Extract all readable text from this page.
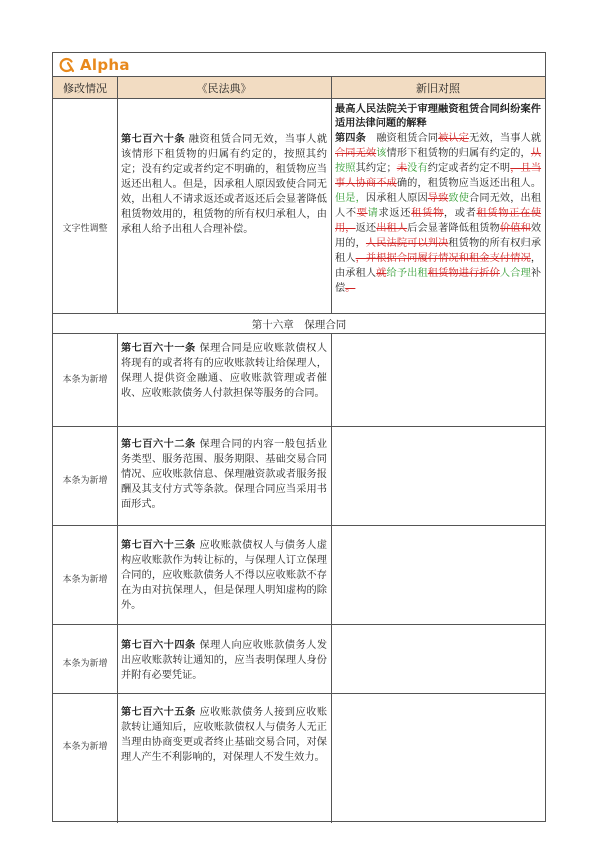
Alpha
修改情况	《民法典》	新旧对照
文字性调整
第七百六十条 融资租赁合同无效，当事人就该情形下租赁物的归属有约定的，按照其约定；没有约定或者约定不明确的，租赁物应当返还出租人。但是，因承租人原因致使合同无效，出租人不请求返还或者返还后会显著降低租赁物效用的，租赁物的所有权归承租人，由承租人给予出租人合理补偿。
最高人民法院关于审理融资租赁合同纠纷案件适用法律问题的解释
第四条　融资租赁合同被认定无效，当事人就合同无效该情形下租赁物的归属有约定的，从按照其约定；未没有约定或者约定不明，且当事人协商不成确的，租赁物应当返还出租人。但是，因承租人原因导致致使合同无效，出租人不要请求返还租赁物，或者租赁物正在使用，返还出租人后会显著降低租赁物价值和效用的，人民法院可以判决租赁物的所有权归承租人，并根据合同履行情况和租金支付情况，由承租人就给予出租租赁物进行折价人合理补偿。
第十六章　保理合同
本条为新增
第七百六十一条 保理合同是应收账款债权人将现有的或者将有的应收账款转让给保理人，保理人提供资金融通、应收账款管理或者催收、应收账款债务人付款担保等服务的合同。
本条为新增
第七百六十二条 保理合同的内容一般包括业务类型、服务范围、服务期限、基础交易合同情况、应收账款信息、保理融资款或者服务报酬及其支付方式等条款。保理合同应当采用书面形式。
本条为新增
第七百六十三条 应收账款债权人与债务人虚构应收账款作为转让标的，与保理人订立保理合同的，应收账款债务人不得以应收账款不存在为由对抗保理人，但是保理人明知虚构的除外。
本条为新增
第七百六十四条 保理人向应收账款债务人发出应收账款转让通知的，应当表明保理人身份并附有必要凭证。
本条为新增
第七百六十五条 应收账款债务人接到应收账款转让通知后，应收账款债权人与债务人无正当理由协商变更或者终止基础交易合同，对保理人产生不利影响的，对保理人不发生效力。
